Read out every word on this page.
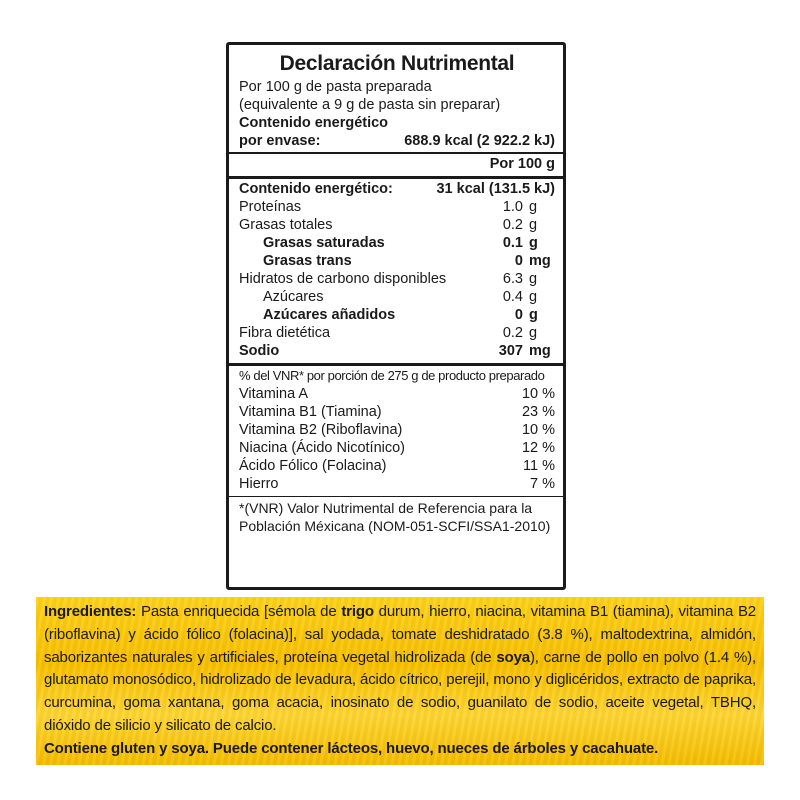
Declaración Nutrimental
Por 100 g de pasta preparada
(equivalente a 9 g de pasta sin preparar)
Contenido energético
por envase:	688.9 kcal (2 922.2 kJ)
Por 100 g
Contenido energético:	31 kcal (131.5 kJ)
Proteínas	1.0 g
Grasas totales	0.2 g
Grasas saturadas	0.1 g
Grasas trans	0 mg
Hidratos de carbono disponibles	6.3 g
Azúcares	0.4 g
Azúcares añadidos	0 g
Fibra dietética	0.2 g
Sodio	307 mg
% del VNR* por porción de 275 g de producto preparado
Vitamina A	10 %
Vitamina B1 (Tiamina)	23 %
Vitamina B2 (Riboflavina)	10 %
Niacina (Ácido Nicotínico)	12 %
Ácido Fólico (Folacina)	11 %
Hierro	7 %
*(VNR) Valor Nutrimental de Referencia para la
Población Méxicana (NOM-051-SCFI/SSA1-2010)

Ingredientes: Pasta enriquecida [sémola de trigo durum, hierro, niacina, vitamina B1 (tiamina), vitamina B2 (riboflavina) y ácido fólico (folacina)], sal yodada, tomate deshidratado (3.8 %), maltodextrina, almidón, saborizantes naturales y artificiales, proteína vegetal hidrolizada (de soya), carne de pollo en polvo (1.4 %), glutamato monosódico, hidrolizado de levadura, ácido cítrico, perejil, mono y diglicéridos, extracto de paprika, curcumina, goma xantana, goma acacia, inosinato de sodio, guanilato de sodio, aceite vegetal, TBHQ, dióxido de silicio y silicato de calcio.

Contiene gluten y soya. Puede contener lácteos, huevo, nueces de árboles y cacahuate.
